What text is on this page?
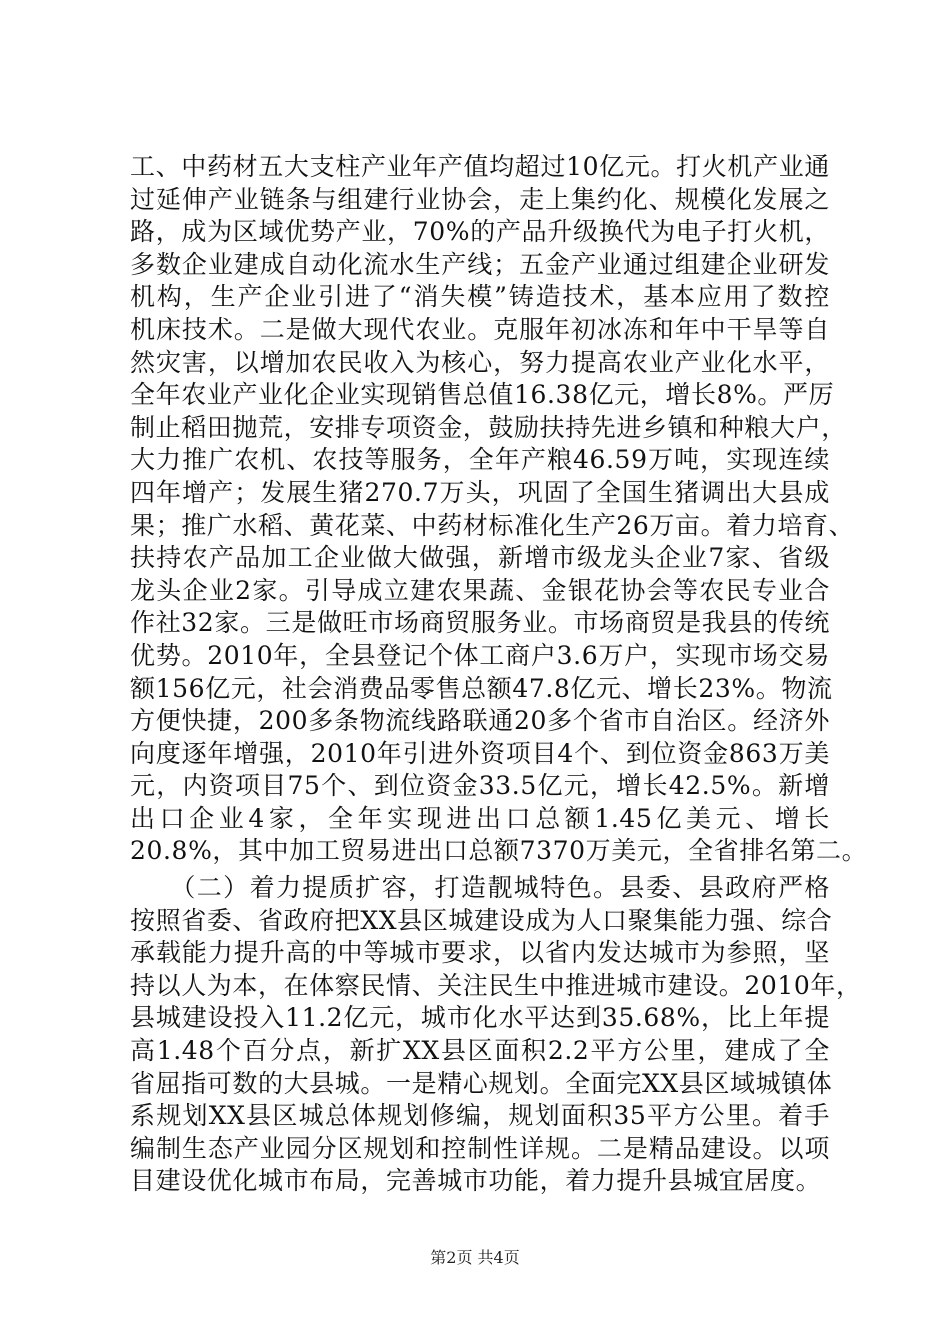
工、中药材五大支柱产业年产值均超过10亿元。打火机产业通
过延伸产业链条与组建行业协会，走上集约化、规模化发展之
路，成为区域优势产业，70%的产品升级换代为电子打火机，
多数企业建成自动化流水生产线；五金产业通过组建企业研发
机构，生产企业引进了“消失模”铸造技术，基本应用了数控
机床技术。二是做大现代农业。克服年初冰冻和年中干旱等自
然灾害，以增加农民收入为核心，努力提高农业产业化水平，
全年农业产业化企业实现销售总值16.38亿元，增长8%。严厉
制止稻田抛荒，安排专项资金，鼓励扶持先进乡镇和种粮大户，
大力推广农机、农技等服务，全年产粮46.59万吨，实现连续
四年增产；发展生猪270.7万头，巩固了全国生猪调出大县成
果；推广水稻、黄花菜、中药材标准化生产26万亩。着力培育、
扶持农产品加工企业做大做强，新增市级龙头企业7家、省级
龙头企业2家。引导成立建农果蔬、金银花协会等农民专业合
作社32家。三是做旺市场商贸服务业。市场商贸是我县的传统
优势。2010年，全县登记个体工商户3.6万户，实现市场交易
额156亿元，社会消费品零售总额47.8亿元、增长23%。物流
方便快捷，200多条物流线路联通20多个省市自治区。经济外
向度逐年增强，2010年引进外资项目4个、到位资金863万美
元，内资项目75个、到位资金33.5亿元，增长42.5%。新增
出口企业4家，全年实现进出口总额1.45亿美元、增长
20.8%，其中加工贸易进出口总额7370万美元，全省排名第二。
　　（二）着力提质扩容，打造靓城特色。县委、县政府严格
按照省委、省政府把XX县区城建设成为人口聚集能力强、综合
承载能力提升高的中等城市要求，以省内发达城市为参照，坚
持以人为本，在体察民情、关注民生中推进城市建设。2010年，
县城建设投入11.2亿元，城市化水平达到35.68%，比上年提
高1.48个百分点，新扩XX县区面积2.2平方公里，建成了全
省屈指可数的大县城。一是精心规划。全面完XX县区域城镇体
系规划XX县区城总体规划修编，规划面积35平方公里。着手
编制生态产业园分区规划和控制性详规。二是精品建设。以项
目建设优化城市布局，完善城市功能，着力提升县城宜居度。
第2页 共4页
